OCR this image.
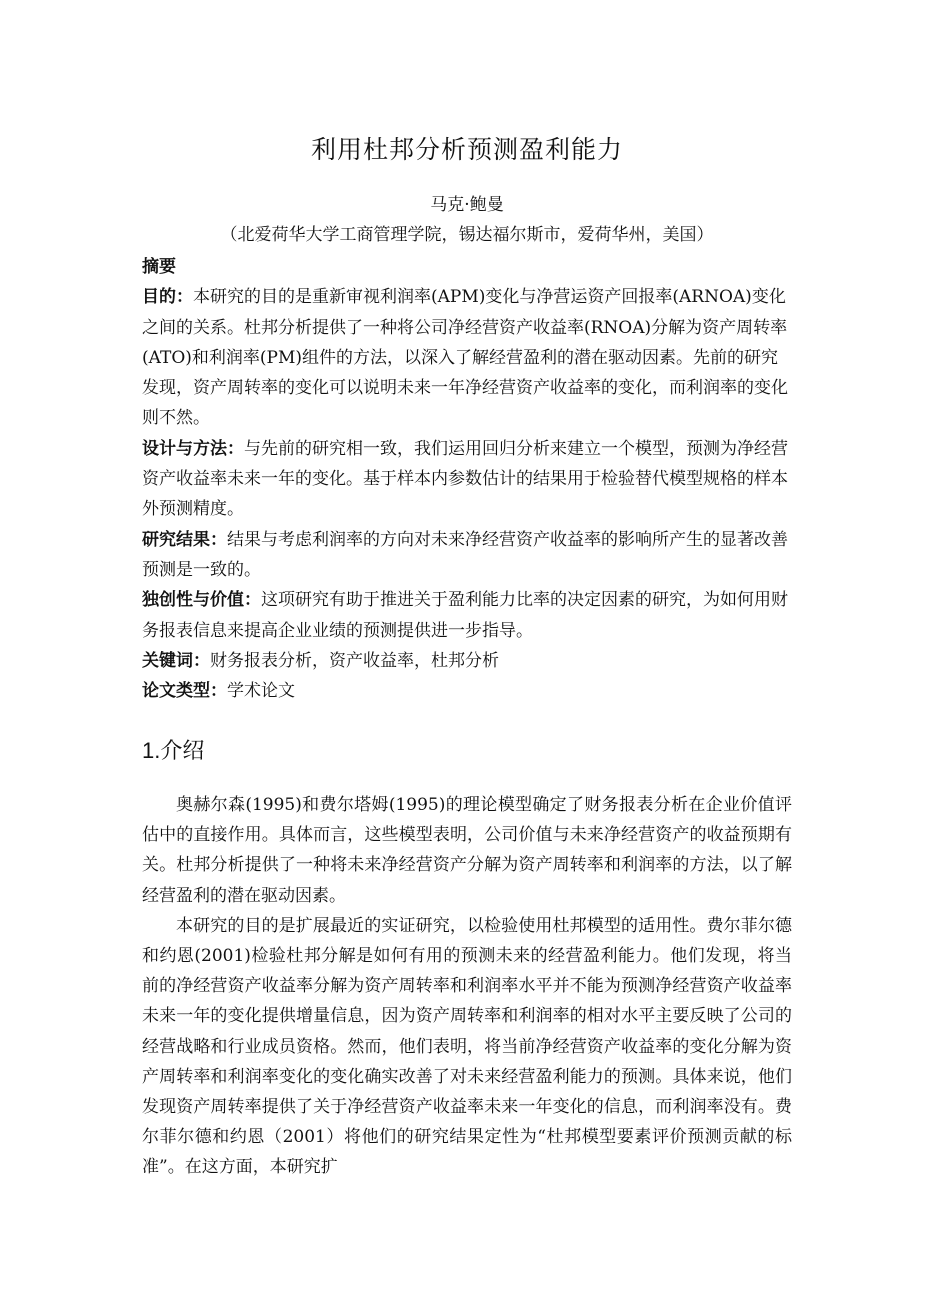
利用杜邦分析预测盈利能力
马克·鲍曼
（北爱荷华大学工商管理学院，锡达福尔斯市，爱荷华州，美国）

摘要

目的：本研究的目的是重新审视利润率(APM)变化与净营运资产回报率(ARNOA)变化之间的关系。杜邦分析提供了一种将公司净经营资产收益率(RNOA)分解为资产周转率(ATO)和利润率(PM)组件的方法，以深入了解经营盈利的潜在驱动因素。先前的研究发现，资产周转率的变化可以说明未来一年净经营资产收益率的变化，而利润率的变化则不然。

设计与方法：与先前的研究相一致，我们运用回归分析来建立一个模型，预测为净经营资产收益率未来一年的变化。基于样本内参数估计的结果用于检验替代模型规格的样本外预测精度。

研究结果：结果与考虑利润率的方向对未来净经营资产收益率的影响所产生的显著改善预测是一致的。

独创性与价值：这项研究有助于推进关于盈利能力比率的决定因素的研究，为如何用财务报表信息来提高企业业绩的预测提供进一步指导。

关键词：财务报表分析，资产收益率，杜邦分析

论文类型：学术论文

1.介绍

奥赫尔森(1995)和费尔塔姆(1995)的理论模型确定了财务报表分析在企业价值评估中的直接作用。具体而言，这些模型表明，公司价值与未来净经营资产的收益预期有关。杜邦分析提供了一种将未来净经营资产分解为资产周转率和利润率的方法，以了解经营盈利的潜在驱动因素。

本研究的目的是扩展最近的实证研究，以检验使用杜邦模型的适用性。费尔菲尔德和约恩(2001)检验杜邦分解是如何有用的预测未来的经营盈利能力。他们发现，将当前的净经营资产收益率分解为资产周转率和利润率水平并不能为预测净经营资产收益率未来一年的变化提供增量信息，因为资产周转率和利润率的相对水平主要反映了公司的经营战略和行业成员资格。然而，他们表明，将当前净经营资产收益率的变化分解为资产周转率和利润率变化的变化确实改善了对未来经营盈利能力的预测。具体来说，他们发现资产周转率提供了关于净经营资产收益率未来一年变化的信息，而利润率没有。费尔菲尔德和约恩（2001）将他们的研究结果定性为“杜邦模型要素评价预测贡献的标准”。在这方面，本研究扩
